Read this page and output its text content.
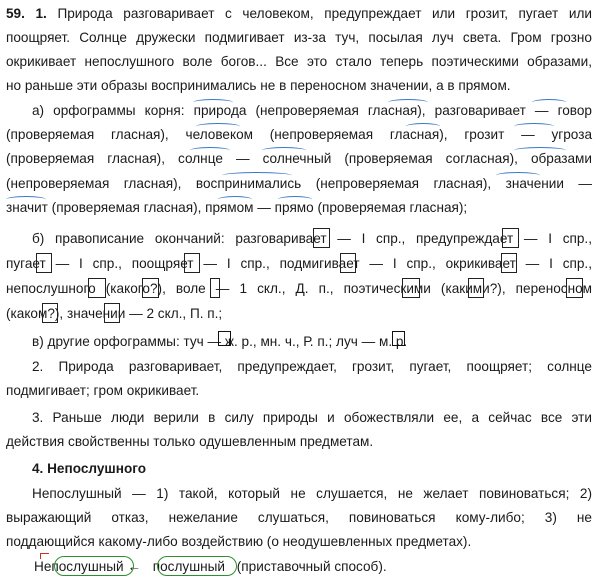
59. 1. Природа разговаривает с человеком, предупреждает или грозит, пугает или
поощряет. Солнце дружески подмигивает из-за туч, посылая луч света. Гром грозно
окрикивает непослушного воле богов... Все это стало теперь поэтическими образами,
но раньше эти образы воспринимались не в переносном значении, а в прямом.
а) орфограммы корня: природа (непроверяемая гласная), разговаривает — говор
(проверяемая гласная), человеком (непроверяемая гласная), грозит — угроза
(проверяемая гласная), солнце — солнечный (проверяемая согласная), образами
(непроверяемая гласная), воспринимались (непроверяемая гласная), значении —
значит (проверяемая гласная), прямом — прямо (проверяемая гласная);
б) правописание окончаний: разговаривает — I спр., предупреждает — I спр.,
пугает — I спр., поощряет — I спр., подмигивает — I спр., окрикивает — I спр.,
непослушного (какого?), воле — 1 скл., Д. п., поэтическими (какими?), переносном
(каком?), значении — 2 скл., П. п.;
в) другие орфограммы: туч — ж. р., мн. ч., Р. п.; луч — м. р.
2. Природа разговаривает, предупреждает, грозит, пугает, поощряет; солнце
подмигивает; гром окрикивает.
3. Раньше люди верили в силу природы и обожествляли ее, а сейчас все эти
действия свойственны только одушевленным предметам.
4. Непослушного
Непослушный — 1) такой, который не слушается, не желает повиноваться; 2)
выражающий отказ, нежелание слушаться, повиноваться кому-либо; 3) не
поддающийся какому-либо воздействию (о неодушевленных предметах).
Непослушный ← послушный (приставочный способ).
